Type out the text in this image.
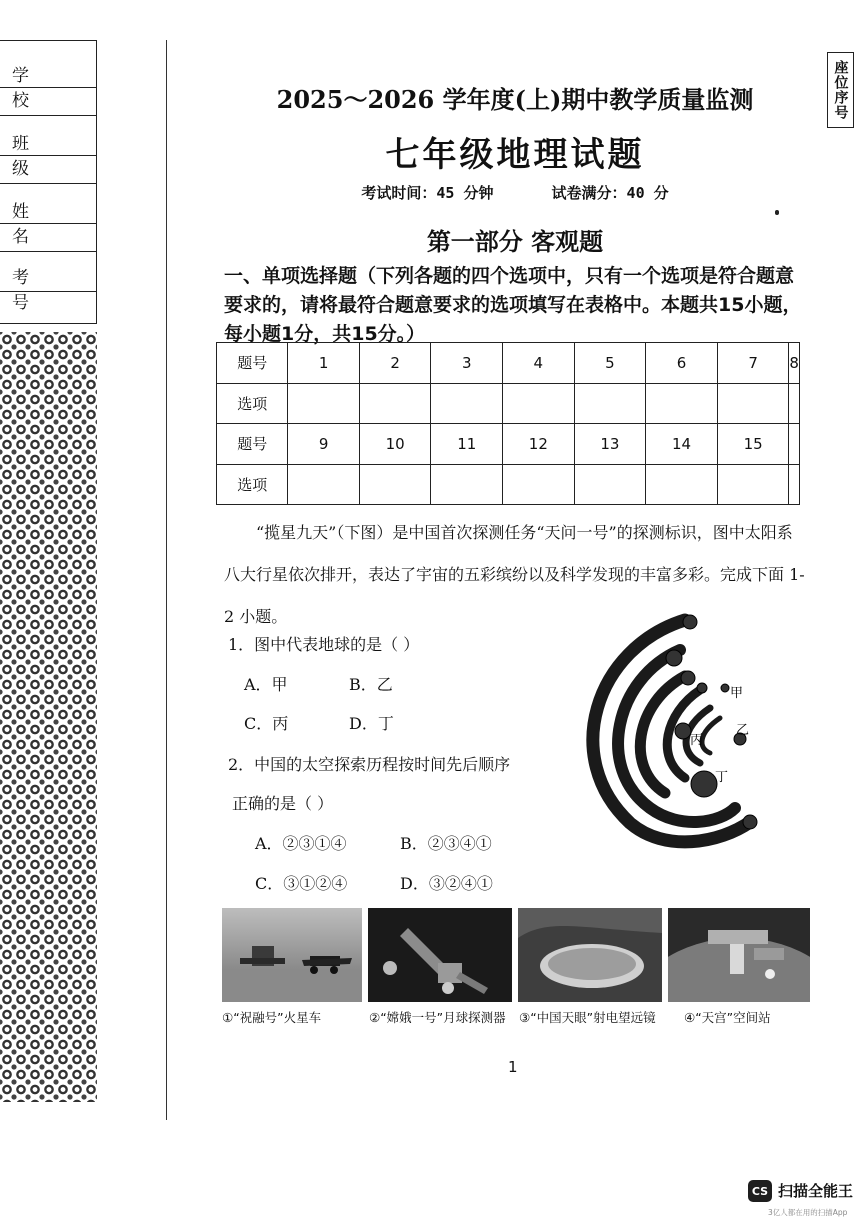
学校
班级
姓名
考号
座位序号
2025～2026 学年度(上)期中教学质量监测
七年级地理试题
考试时间：45 分钟	试卷满分：40 分
第一部分 客观题
一、单项选择题（下列各题的四个选项中，只有一个选项是符合题意要求的，请将最符合题意要求的选项填写在表格中。本题共15小题，每小题1分，共15分。）
题号	1	2	3	4	5	6	7	8
选项								
题号	9	10	11	12	13	14	15	
选项								
“揽星九天”（下图）是中国首次探测任务“天问一号”的探测标识，图中太阳系八大行星依次排开，表达了宇宙的五彩缤纷以及科学发现的丰富多彩。完成下面 1-2 小题。
1．图中代表地球的是（ ）
A．甲	B．乙
C．丙	D．丁
2．中国的太空探索历程按时间先后顺序
正确的是（ ）
A．②③①④	B．②③④①
C．③①②④	D．③②④①
甲
乙
丙
丁
①“祝融号”火星车	②“嫦娥一号”月球探测器 ③“中国天眼”射电望远镜 ④“天宫”空间站
1
CS 扫描全能王
3亿人都在用的扫描App
